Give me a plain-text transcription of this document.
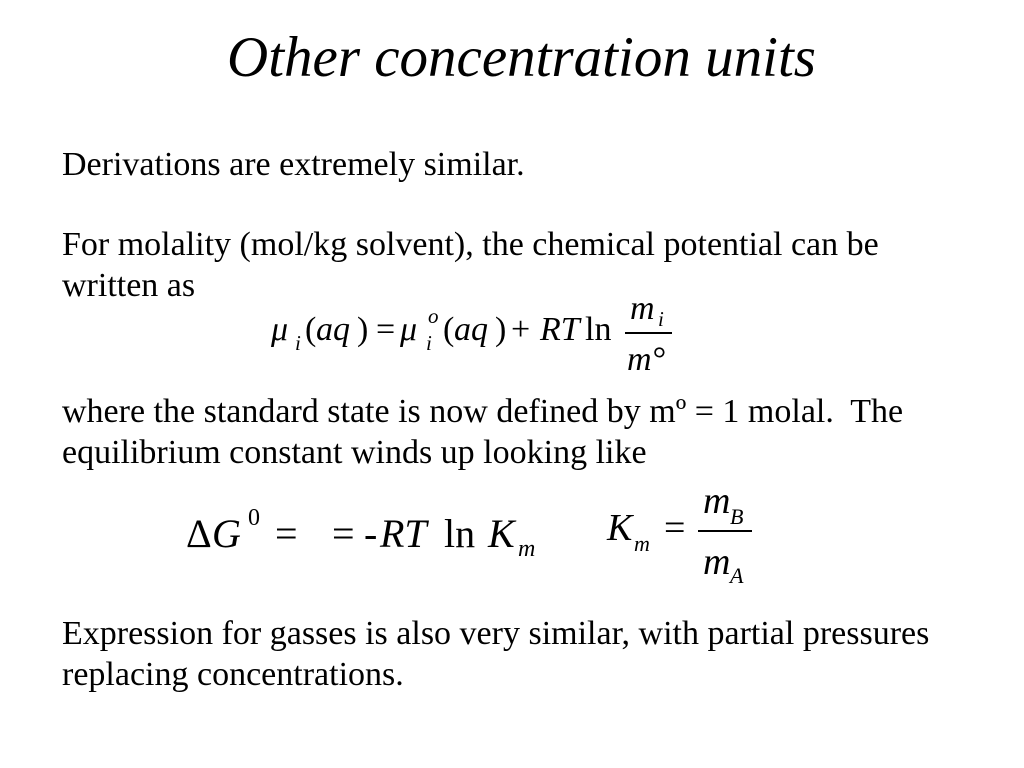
Other concentration units
Derivations are extremely similar.
For molality (mol/kg solvent), the chemical potential can be
written as
μ i ( aq ) = μ o
i ( aq ) + RT ln
m i
m°
where the standard state is now defined by mº = 1 molal.  The
equilibrium constant winds up looking like
Δ G 0 = = - RT ln K m K m =
m B
m A
Expression for gasses is also very similar, with partial pressures
replacing concentrations.
